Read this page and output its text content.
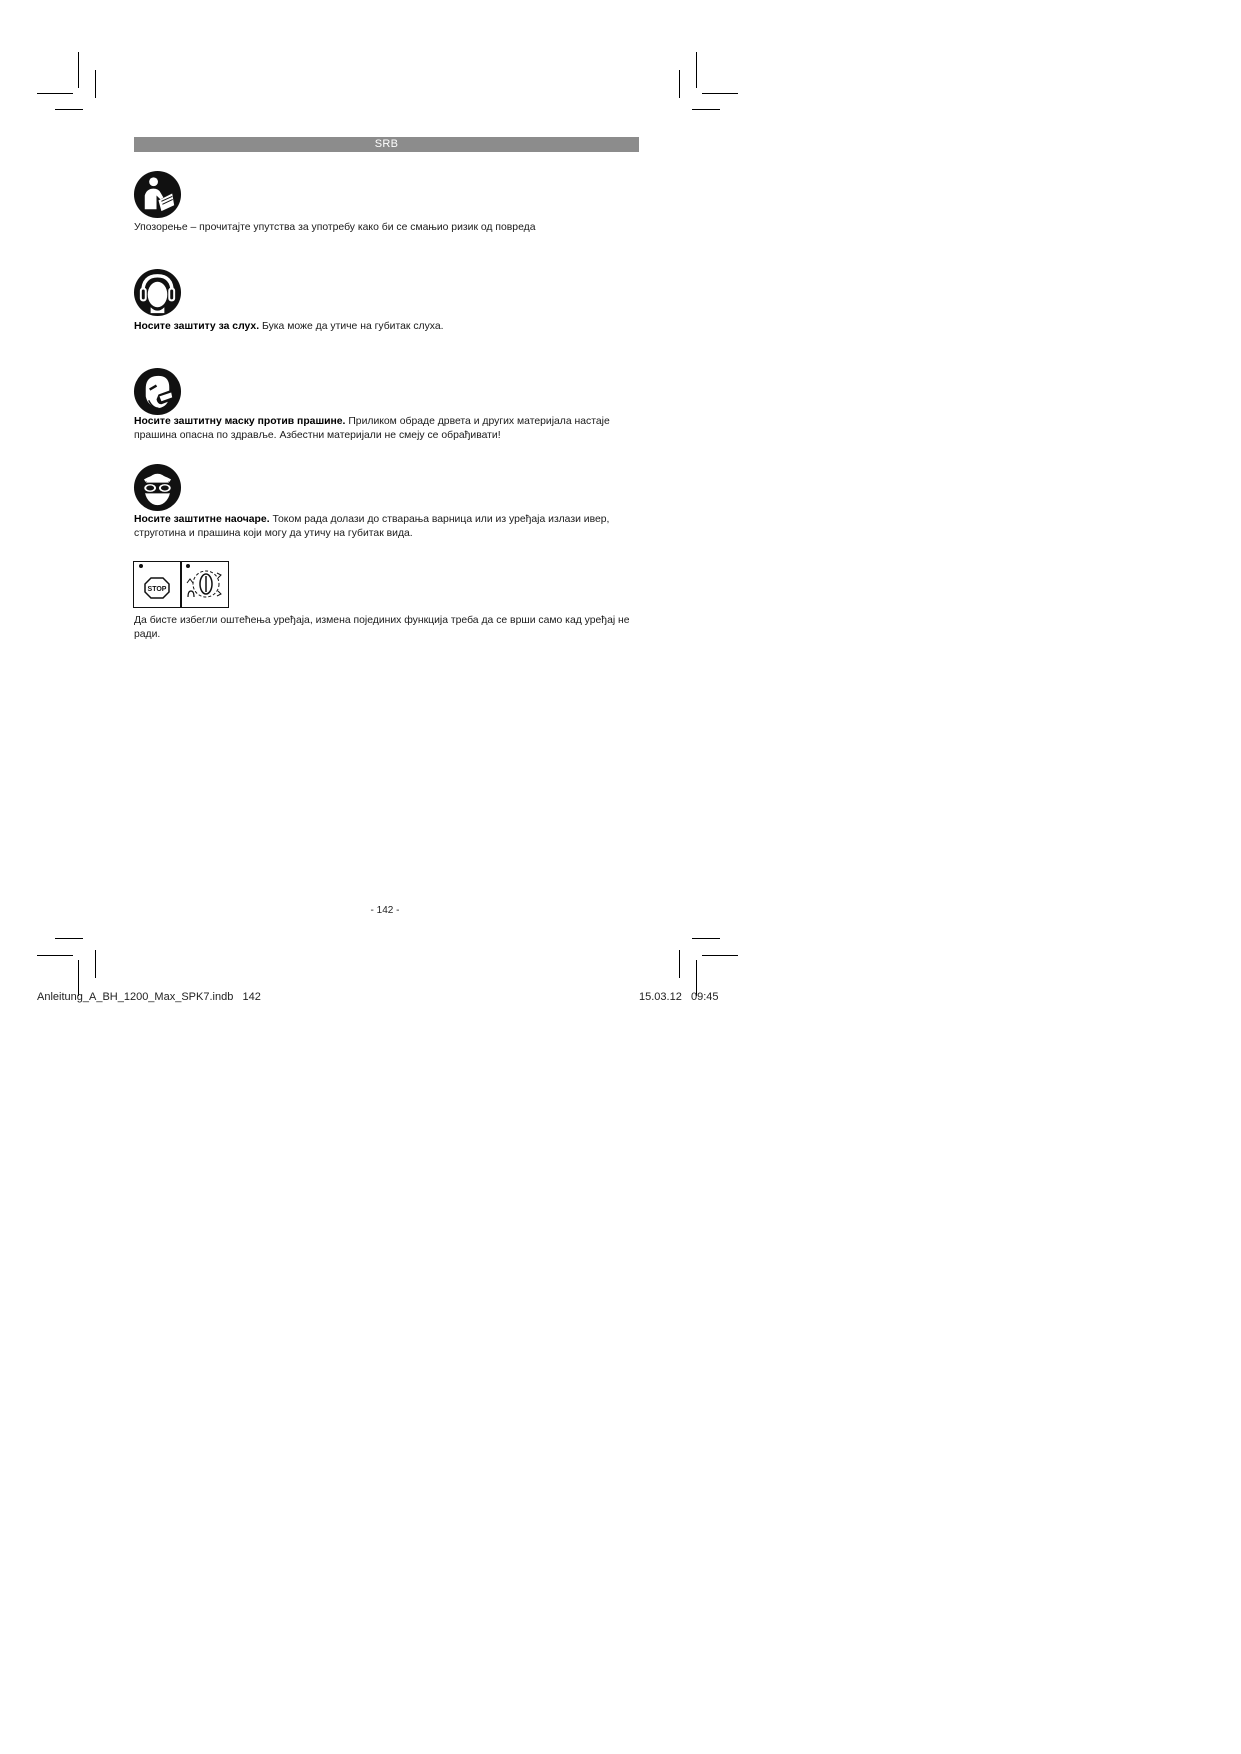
SRB
Упозорење – прочитајте упутства за употребу како би се смањио ризик од повреда
Носите заштиту за слух. Бука може да утиче на губитак слуха.
Носите заштитну маску против прашине. Приликом обраде дрвета и других материјала настаје прашина опасна по здравље. Азбестни материјали не смеју се обрађивати!
Носите заштитне наочаре. Током рада долази до стварања варница или из уређаја излази ивер, струготина и прашина који могу да утичу на губитак вида.
STOP
Да бисте избегли оштећења уређаја, измена појединих функција треба да се врши само кад уређај не ради.
- 142 -
Anleitung_A_BH_1200_Max_SPK7.indb   142	15.03.12   09:45
